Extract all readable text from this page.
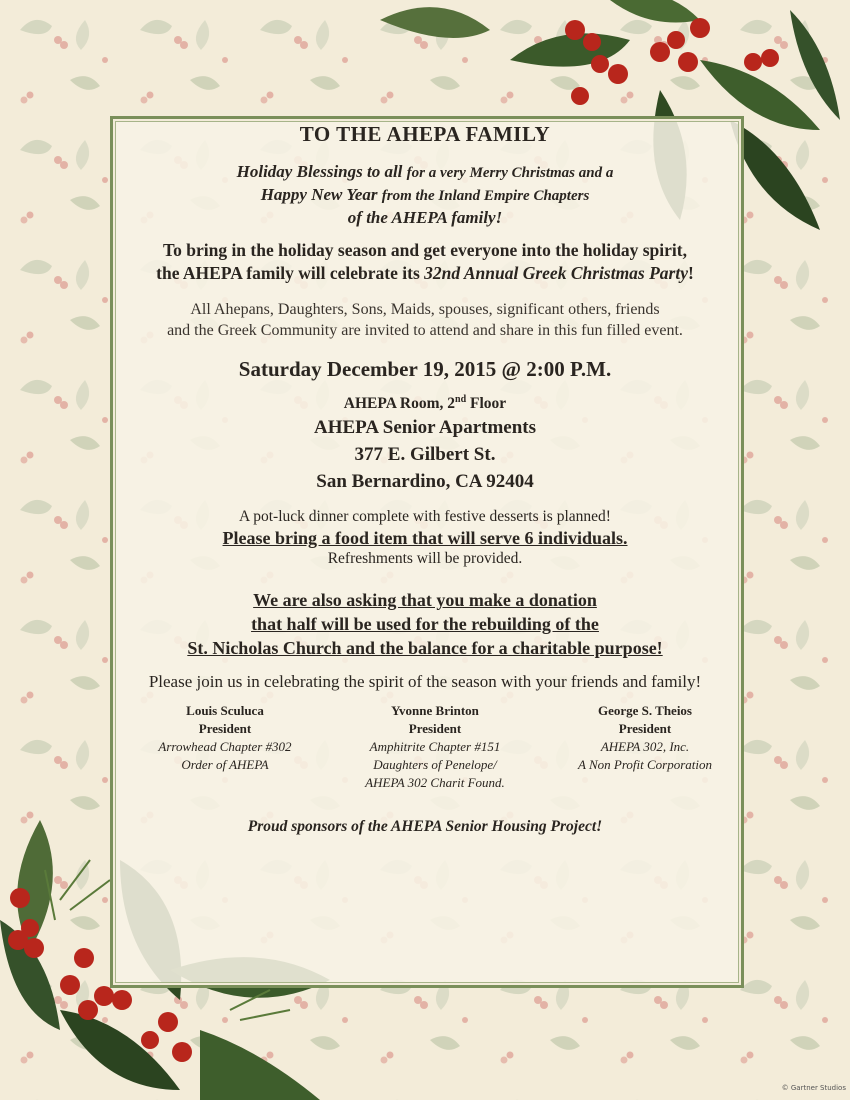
TO THE AHEPA FAMILY

Holiday Blessings to all for a very Merry Christmas and a

Happy New Year from the Inland Empire Chapters

of the AHEPA family!

To bring in the holiday season and get everyone into the holiday spirit,
the AHEPA family will celebrate its 32nd Annual Greek Christmas Party!

All Ahepans, Daughters, Sons, Maids, spouses, significant others, friends
and the Greek Community are invited to attend and share in this fun filled event.

Saturday December 19, 2015 @ 2:00 P.M.
AHEPA Room, 2nd Floor
AHEPA Senior Apartments
377 E. Gilbert St.
San Bernardino, CA 92404

A pot-luck dinner complete with festive desserts is planned!

Please bring a food item that will serve 6 individuals.

Refreshments will be provided.

We are also asking that you make a donation
that half will be used for the rebuilding of the
St. Nicholas Church and the balance for a charitable purpose!

Please join us in celebrating the spirit of the season with your friends and family!

Louis Sculuca
President
Arrowhead Chapter #302
Order of AHEPA
Yvonne Brinton
President
Amphitrite Chapter #151
Daughters of Penelope/
AHEPA 302 Charit Found.
George S. Theios
President
AHEPA 302, Inc.
A Non Profit Corporation

Proud sponsors of the AHEPA Senior Housing Project!

© Gartner Studios
